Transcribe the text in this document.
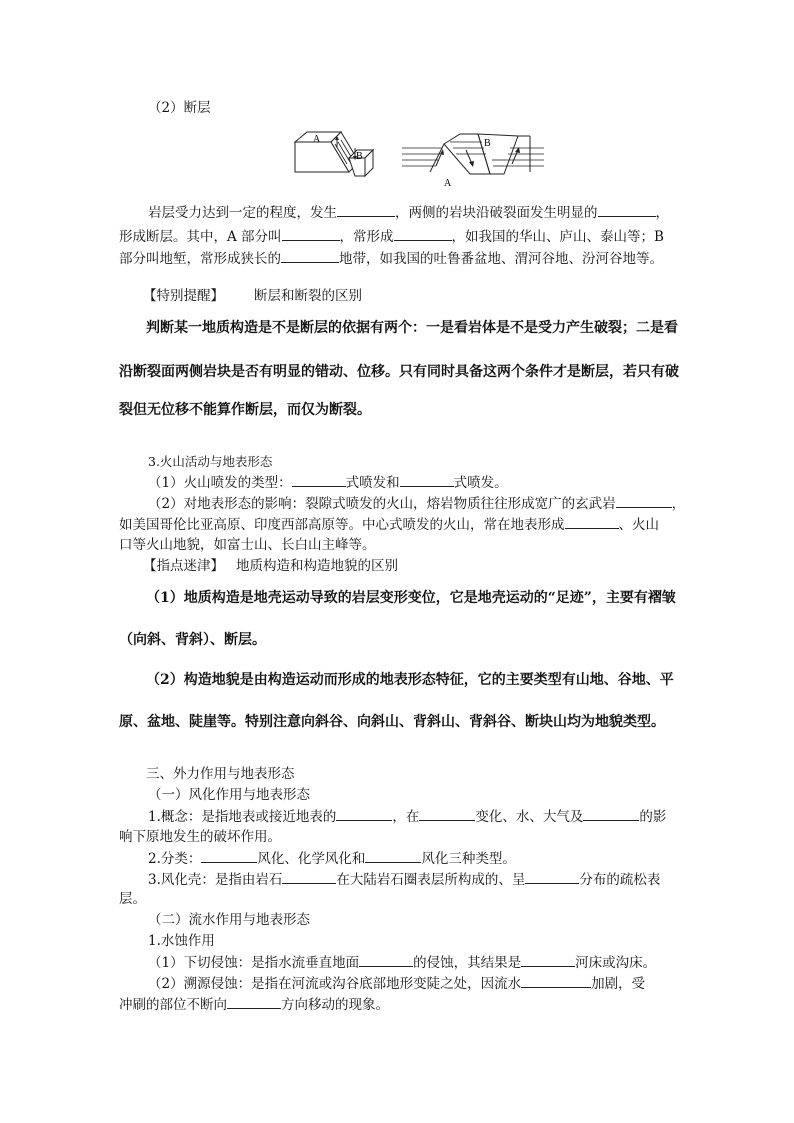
（2）断层
A
B
B
A
岩层受力达到一定的程度，发生	，两侧的岩块沿破裂面发生明显的	，
形成断层。其中，A 部分叫	，常形成	，如我国的华山、庐山、泰山等；B
部分叫地堑，常形成狭长的	地带，如我国的吐鲁番盆地、渭河谷地、汾河谷地等。
【特别提醒】 断层和断裂的区别
判断某一地质构造是不是断层的依据有两个：一是看岩体是不是受力产生破裂；二是看
沿断裂面两侧岩块是否有明显的错动、位移。只有同时具备这两个条件才是断层，若只有破
裂但无位移不能算作断层，而仅为断裂。
3.火山活动与地表形态
（1）火山喷发的类型：	式喷发和	式喷发。
（2）对地表形态的影响：裂隙式喷发的火山，熔岩物质往往形成宽广的玄武岩	，
如美国哥伦比亚高原、印度西部高原等。中心式喷发的火山，常在地表形成	、火山
口等火山地貌，如富士山、长白山主峰等。
【指点迷津】 地质构造和构造地貌的区别
（1）地质构造是地壳运动导致的岩层变形变位，它是地壳运动的“足迹”，主要有褶皱
（向斜、背斜）、断层。
（2）构造地貌是由构造运动而形成的地表形态特征，它的主要类型有山地、谷地、平
原、盆地、陡崖等。特别注意向斜谷、向斜山、背斜山、背斜谷、断块山均为地貌类型。
三、外力作用与地表形态
（一）风化作用与地表形态
1.概念：是指地表或接近地表的	，在	变化、水、大气及	的影
响下原地发生的破坏作用。
2.分类：	风化、化学风化和	风化三种类型。
3.风化壳：是指由岩石	在大陆岩石圈表层所构成的、呈	分布的疏松表
层。
（二）流水作用与地表形态
1.水蚀作用
（1）下切侵蚀：是指水流垂直地面	的侵蚀，其结果是	河床或沟床。
（2）溯源侵蚀：是指在河流或沟谷底部地形变陡之处，因流水	加剧，受
冲刷的部位不断向	方向移动的现象。
